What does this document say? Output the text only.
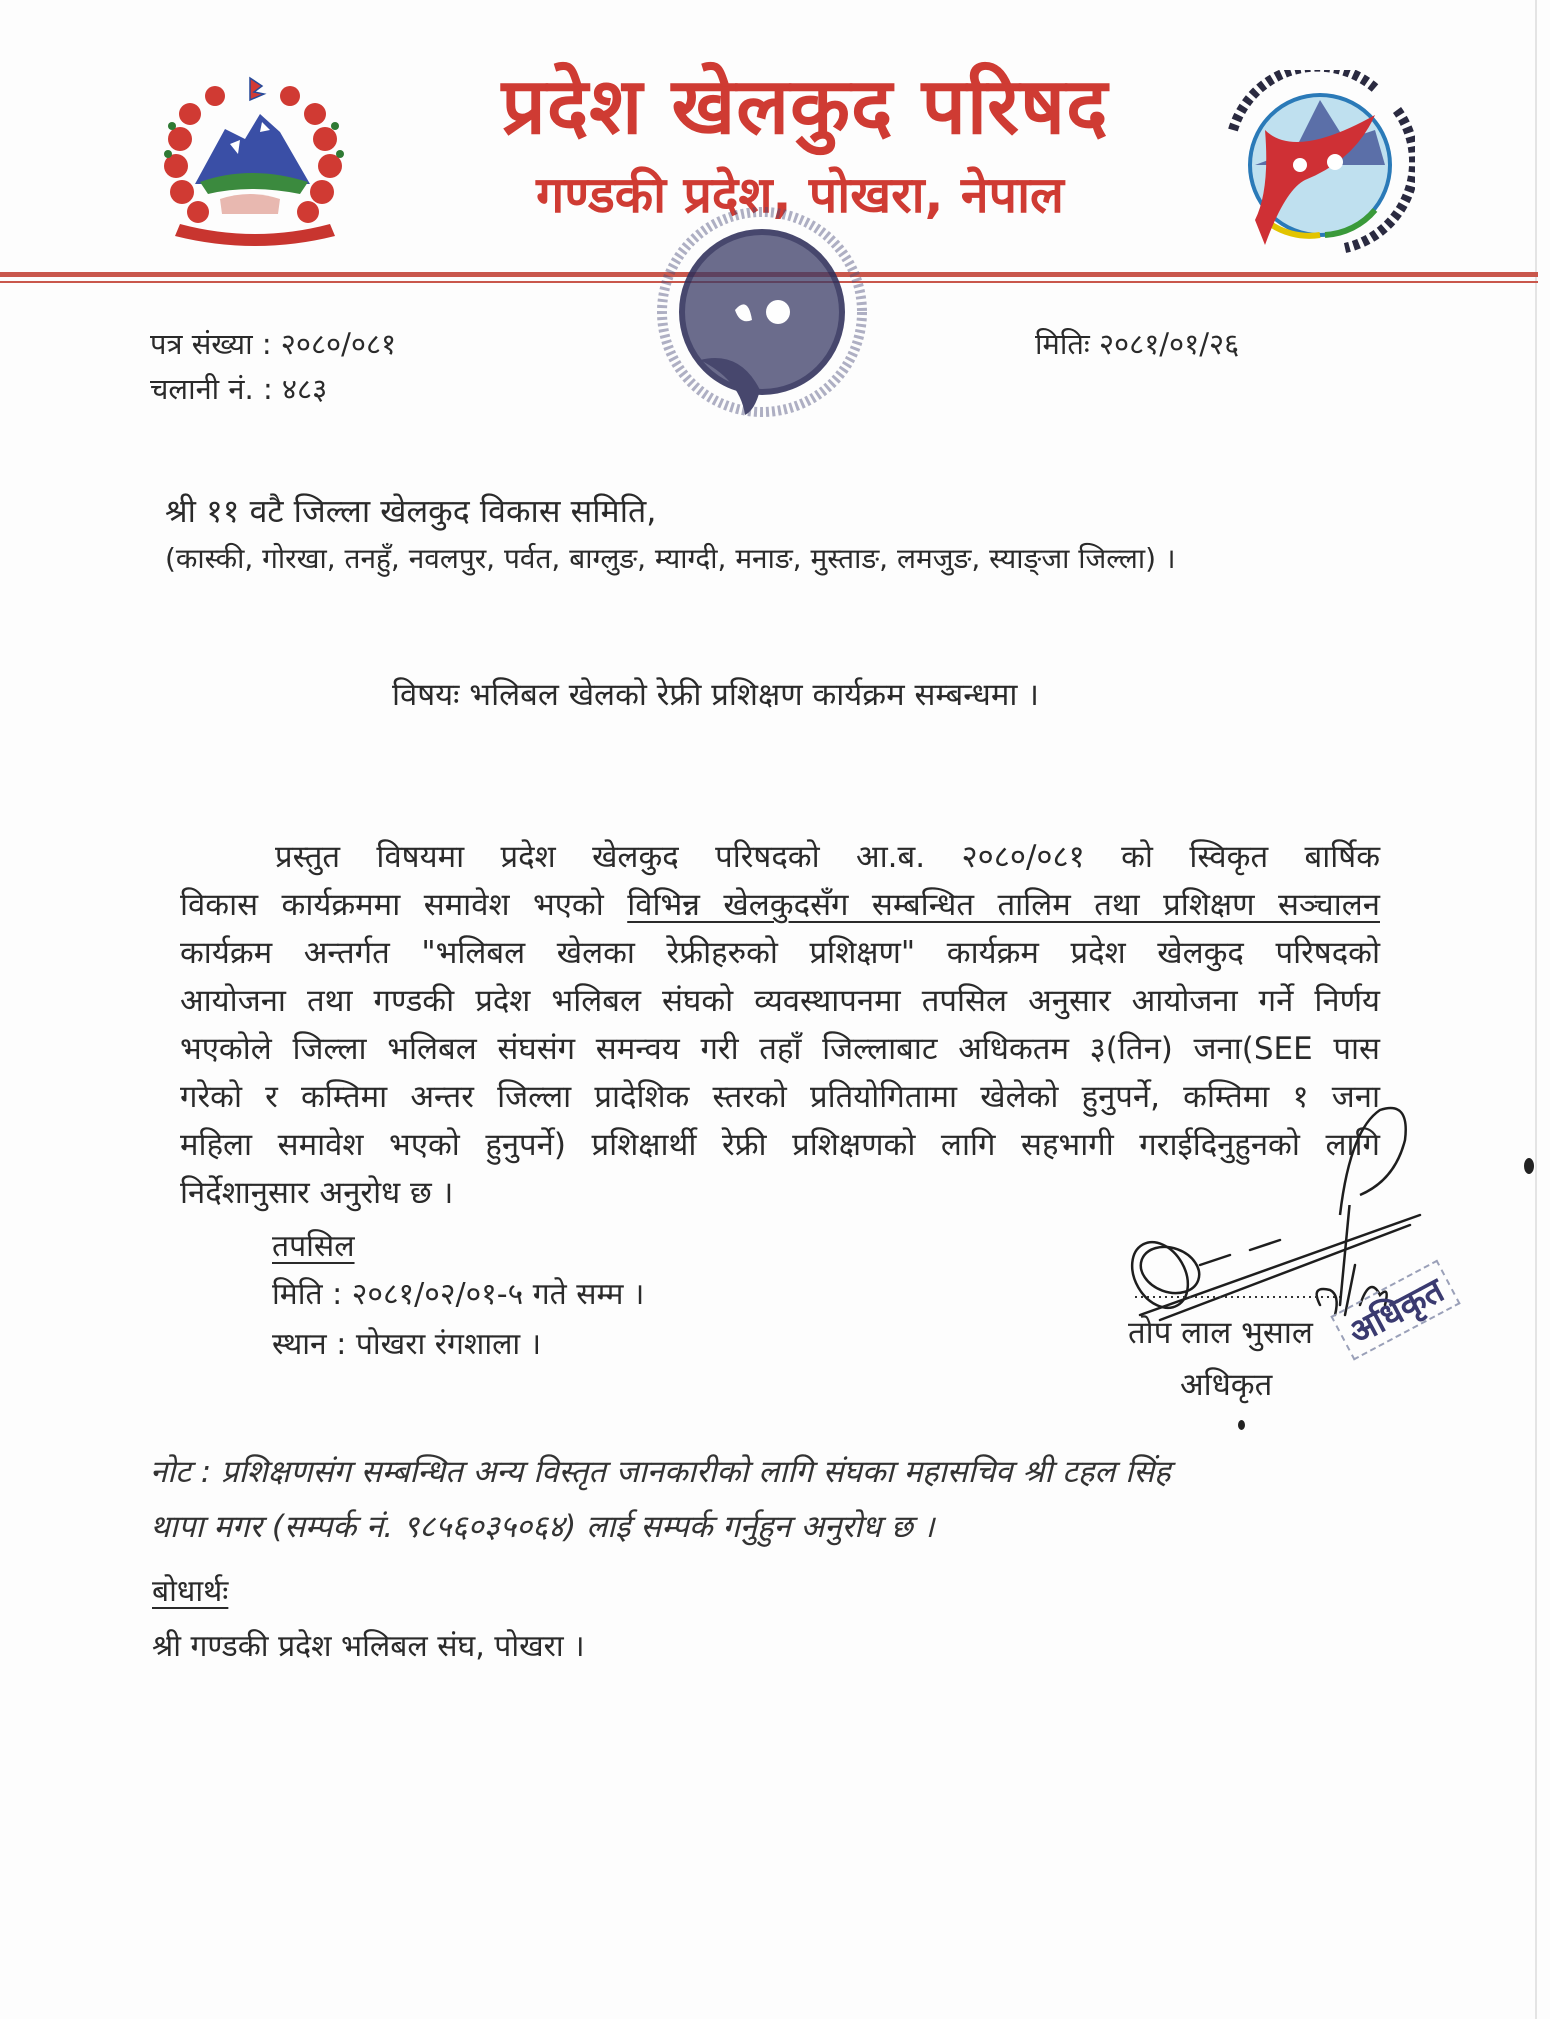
प्रदेश खेलकुद परिषद
गण्डकी प्रदेश, पोखरा, नेपाल
पत्र संख्या : २०८०/०८१
चलानी नं. : ४८३
मितिः २०८१/०१/२६
श्री ११ वटै जिल्ला खेलकुद विकास समिति,
(कास्की, गोरखा, तनहुँ, नवलपुर, पर्वत, बाग्लुङ, म्याग्दी, मनाङ, मुस्ताङ, लमजुङ, स्याङ्जा जिल्ला) ।
विषयः भलिबल खेलको रेफ्री प्रशिक्षण कार्यक्रम सम्बन्धमा ।
प्रस्तुत विषयमा प्रदेश खेलकुद परिषदको आ.ब. २०८०/०८१ को स्विकृत बार्षिक
विकास कार्यक्रममा समावेश भएको विभिन्न खेलकुदसँग सम्बन्धित तालिम तथा प्रशिक्षण सञ्चालन
कार्यक्रम अन्तर्गत "भलिबल खेलका रेफ्रीहरुको प्रशिक्षण" कार्यक्रम प्रदेश खेलकुद परिषदको
आयोजना तथा गण्डकी प्रदेश भलिबल संघको व्यवस्थापनमा तपसिल अनुसार आयोजना गर्ने निर्णय
भएकोले जिल्ला भलिबल संघसंग समन्वय गरी तहाँ जिल्लाबाट अधिकतम ३(तिन) जना(SEE पास
गरेको र कम्तिमा अन्तर जिल्ला प्रादेशिक स्तरको प्रतियोगितामा खेलेको हुनुपर्ने, कम्तिमा १ जना
महिला समावेश भएको हुनुपर्ने) प्रशिक्षार्थी रेफ्री प्रशिक्षणको लागि सहभागी गराईदिनुहुनको लागि
निर्देशानुसार अनुरोध छ ।
तपसिल
मिति : २०८१/०२/०१-५ गते सम्म ।
स्थान : पोखरा रंगशाला ।	तोप लाल भुसाल अधिकृत
अधिकृत
नोट : प्रशिक्षणसंग सम्बन्धित अन्य विस्तृत जानकारीको लागि संघका महासचिव श्री टहल सिंह
थापा मगर (सम्पर्क नं. ९८५६०३५०६४) लाई सम्पर्क गर्नुहुन अनुरोध छ ।
बोधार्थः
श्री गण्डकी प्रदेश भलिबल संघ, पोखरा ।
